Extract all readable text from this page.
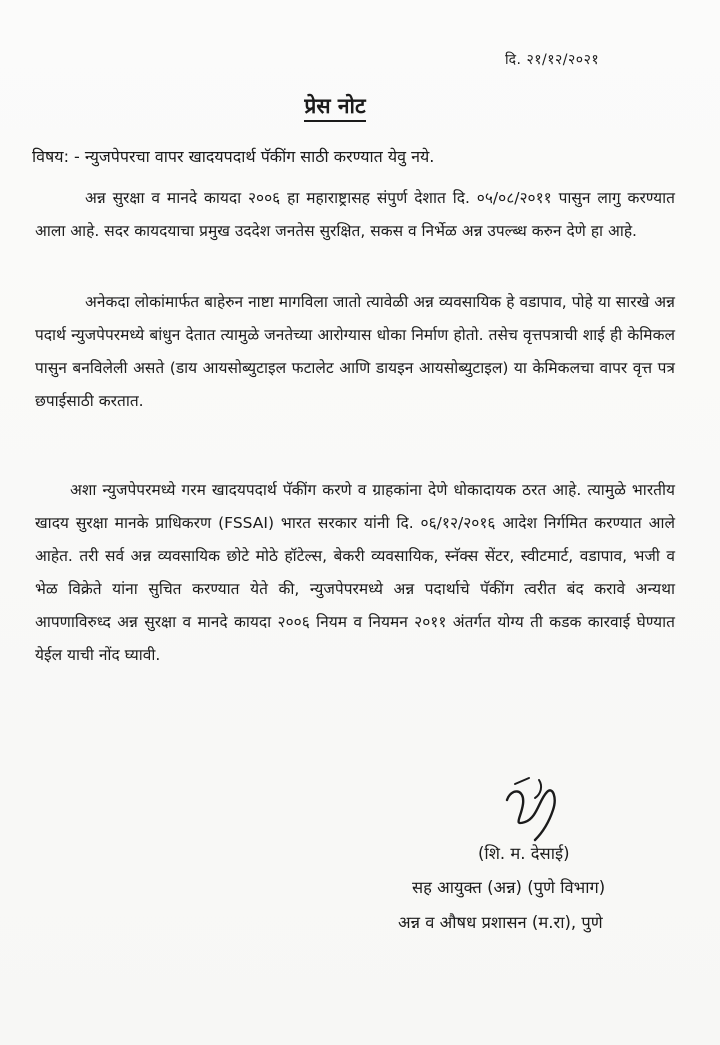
दि. २१/१२/२०२१
प्रेस नोट
विषय: - न्युजपेपरचा वापर खादयपदार्थ पॅकींग साठी करण्यात येवु नये.
अन्न सुरक्षा व मानदे कायदा २००६ हा महाराष्ट्रासह संपुर्ण देशात दि. ०५/०८/२०११ पासुन लागु करण्यात आला आहे. सदर कायदयाचा प्रमुख उददेश जनतेस सुरक्षित, सकस व निर्भेळ अन्न उपल्ब्ध करुन देणे हा आहे.
अनेकदा लोकांमार्फत बाहेरुन नाष्टा मागविला जातो त्यावेळी अन्न व्यवसायिक हे वडापाव, पोहे या सारखे अन्न पदार्थ न्युजपेपरमध्ये बांधुन देतात त्यामुळे जनतेच्या आरोग्यास धोका निर्माण होतो. तसेच वृत्तपत्राची शाई ही केमिकल पासुन बनविलेली असते (डाय आयसोब्युटाइल फटालेट आणि डायइन आयसोब्युटाइल) या केमिकलचा वापर वृत्त पत्र छपाईसाठी करतात.
अशा न्युजपेपरमध्ये गरम खादयपदार्थ पॅकींग करणे व ग्राहकांना देणे धोकादायक ठरत आहे. त्यामुळे भारतीय खादय सुरक्षा मानके प्राधिकरण (FSSAI) भारत सरकार यांनी दि. ०६/१२/२०१६ आदेश निर्गमित करण्यात आले आहेत. तरी सर्व अन्न व्यवसायिक छोटे मोठे हॉटेल्स, बेकरी व्यवसायिक, स्नॅक्स सेंटर, स्वीटमार्ट, वडापाव, भजी व भेळ विक्रेते यांना सुचित करण्यात येते की, न्युजपेपरमध्ये अन्न पदार्थाचे पॅकींग त्वरीत बंद करावे अन्यथा आपणाविरुध्द अन्न सुरक्षा व मानदे कायदा २००६ नियम व नियमन २०११ अंतर्गत योग्य ती कडक कारवाई घेण्यात येईल याची नोंद घ्यावी.
(शि. म. देसाई)
सह आयुक्त (अन्न) (पुणे विभाग)
अन्न व औषध प्रशासन (म.रा), पुणे
